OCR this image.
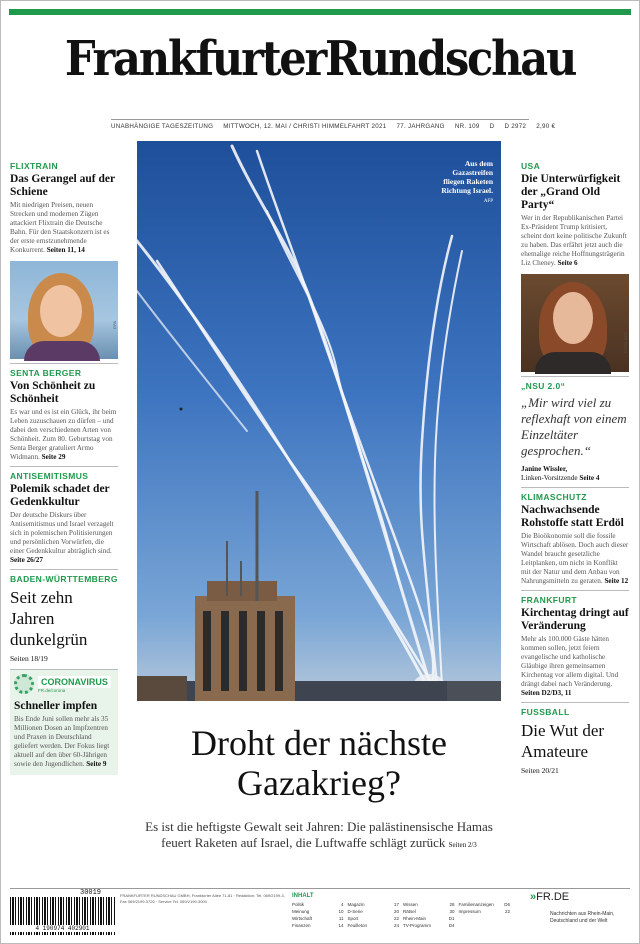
FrankfurterRundschau
UNABHÄNGIGE TAGESZEITUNG MITTWOCH, 12. MAI / CHRISTI HIMMELFAHRT 2021 77. JAHRGANG NR. 109 D D 2972 2,90 €
FLIXTRAIN
Das Gerangel auf der Schiene
Mit niedrigen Preisen, neuen Strecken und modernen Zügen attackiert Flixtrain die Deutsche Bahn. Für den Staatskonzern ist es der erste ernstzunehmende Konkurrent. Seiten 11, 14
DPA
SENTA BERGER
Von Schönheit zu Schönheit
Es war und es ist ein Glück, ihr beim Leben zuzuschauen zu dürfen – und dabei den verschiedenen Arten von Schönheit. Zum 80. Geburtstag von Senta Berger gratuliert Armo Widmann. Seite 29
ANTISEMITISMUS
Polemik schadet der Gedenkkultur
Der deutsche Diskurs über Antisemitismus und Israel verzagelt sich in polemischen Politisierungen und persönlichen Vorwürfen, die einer Gedenkkultur abträglich sind. Seite 26/27
BADEN-WÜRTTEMBERG
Seit zehn Jahren dunkelgrün
Seiten 18/19
CORONAVIRUS
FR.de/corona
Schneller impfen
Bis Ende Juni sollen mehr als 35 Millionen Dosen an Impfzentren und Praxen in Deutschland geliefert werden. Der Fokus liegt aktuell auf den über 60-Jährigen sowie den Jugendlichen. Seite 9
Aus dem Gazastreifen fliegen Raketen Richtung Israel.
AFP
Droht der nächste Gazakrieg?
Es ist die heftigste Gewalt seit Jahren: Die palästinensische Hamas feuert Raketen auf Israel, die Luftwaffe schlägt zurück Seiten 2/3
USA
Die Unterwürfigkeit der „Grand Old Party“
Wer in der Republikanischen Partei Ex-Präsident Trump kritisiert, scheint dort keine politische Zukunft zu haben. Das erfährt jetzt auch die ehemalige reiche Hoffnungsträgerin Liz Cheney. Seite 6
FOTO: DPA
„NSU 2.0“
„Mir wird viel zu reflexhaft von einem Einzeltäter gesprochen.“
Janine Wissler,
Linken-Vorsitzende Seite 4
KLIMASCHUTZ
Nachwachsende Rohstoffe statt Erdöl
Die Bioökonomie soll die fossile Wirtschaft ablösen. Doch auch dieser Wandel braucht gesetzliche Leitplanken, um nicht in Konflikt mit der Natur und dem Anbau von Nahrungsmitteln zu geraten. Seite 12
FRANKFURT
Kirchentag dringt auf Veränderung
Mehr als 100.000 Gäste hätten kommen sollen, jetzt feiern evangelische und katholische Gläubige ihren gemeinsamen Kirchentag vor allem digital. Und drängt dabei nach Veränderung. Seiten D2/D3, 11
FUSSBALL
Die Wut der Amateure
Seiten 20/21
30019
4 190974 402901
FRANKFURTER RUNDSCHAU GMBH, Frankfurter Allee 71-81 · Redaktion: Tel. 069/2199-3, Fax 069/2199-3720 · Service Tel. 069/2199-3000
INHALT
Politik	4
Meinung	10
Wirtschaft	11
Finanzen	14
Magazin	17
D-Serie	20
Sport	22
Feuilleton	24
Wissen	28
Rätsel	30
Rhein-Main	D1
TV-Programm	D4
Familienanzeigen D6
Impressum	22
»FR.DE
Nachrichten aus Rhein-Main, Deutschland und der Welt
